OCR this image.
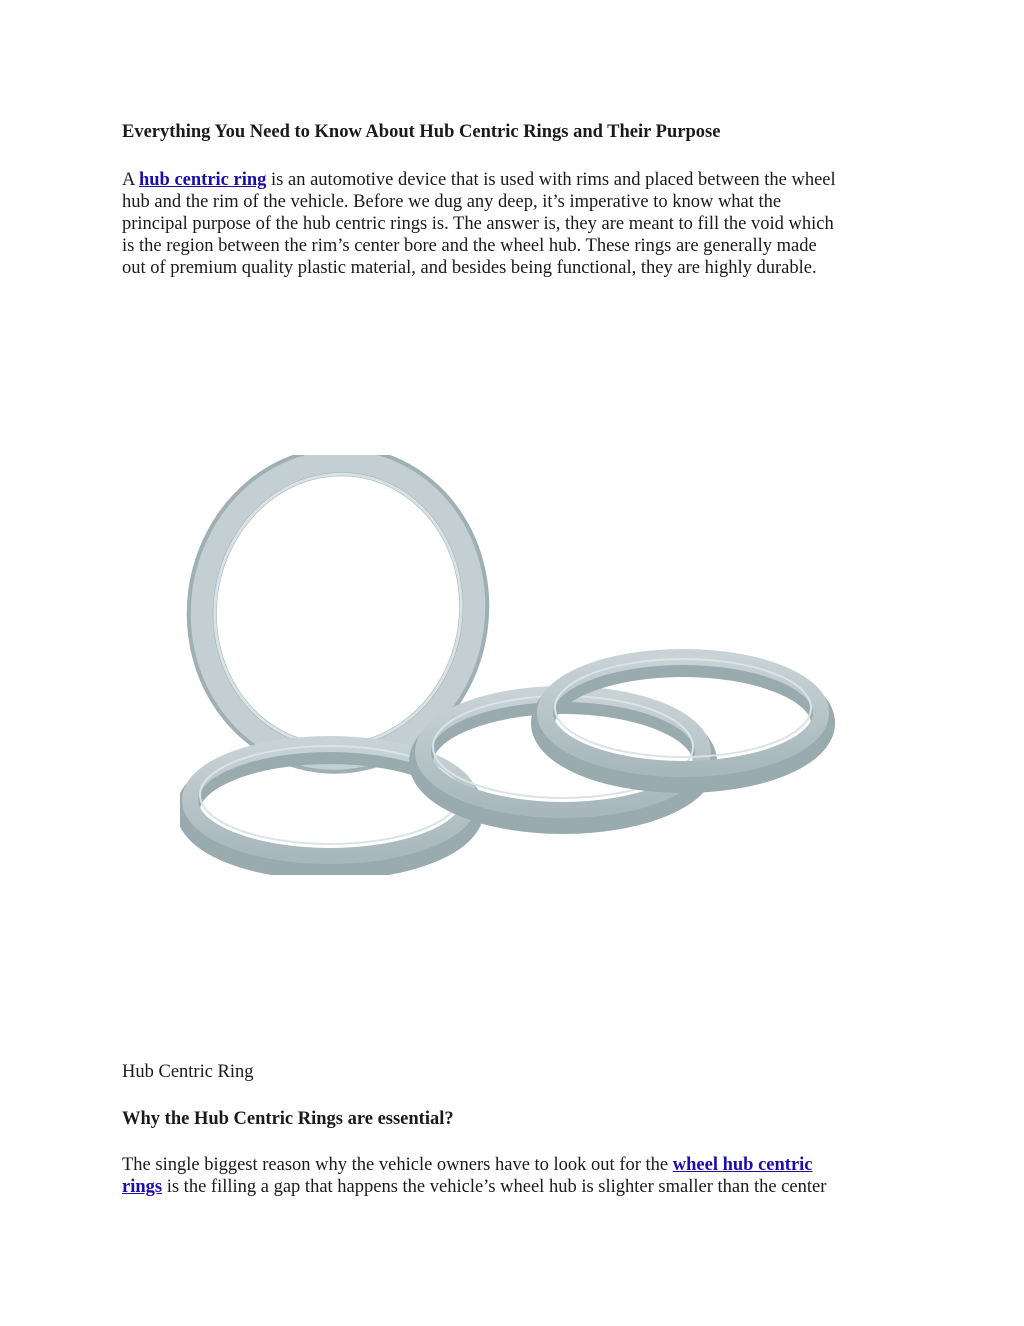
Everything You Need to Know About Hub Centric Rings and Their Purpose
A hub centric ring is an automotive device that is used with rims and placed between the wheel
hub and the rim of the vehicle. Before we dug any deep, it’s imperative to know what the
principal purpose of the hub centric rings is. The answer is, they are meant to fill the void which
is the region between the rim’s center bore and the wheel hub. These rings are generally made
out of premium quality plastic material, and besides being functional, they are highly durable.
Hub Centric Ring
Why the Hub Centric Rings are essential?
The single biggest reason why the vehicle owners have to look out for the wheel hub centric
rings is the filling a gap that happens the vehicle’s wheel hub is slighter smaller than the center
